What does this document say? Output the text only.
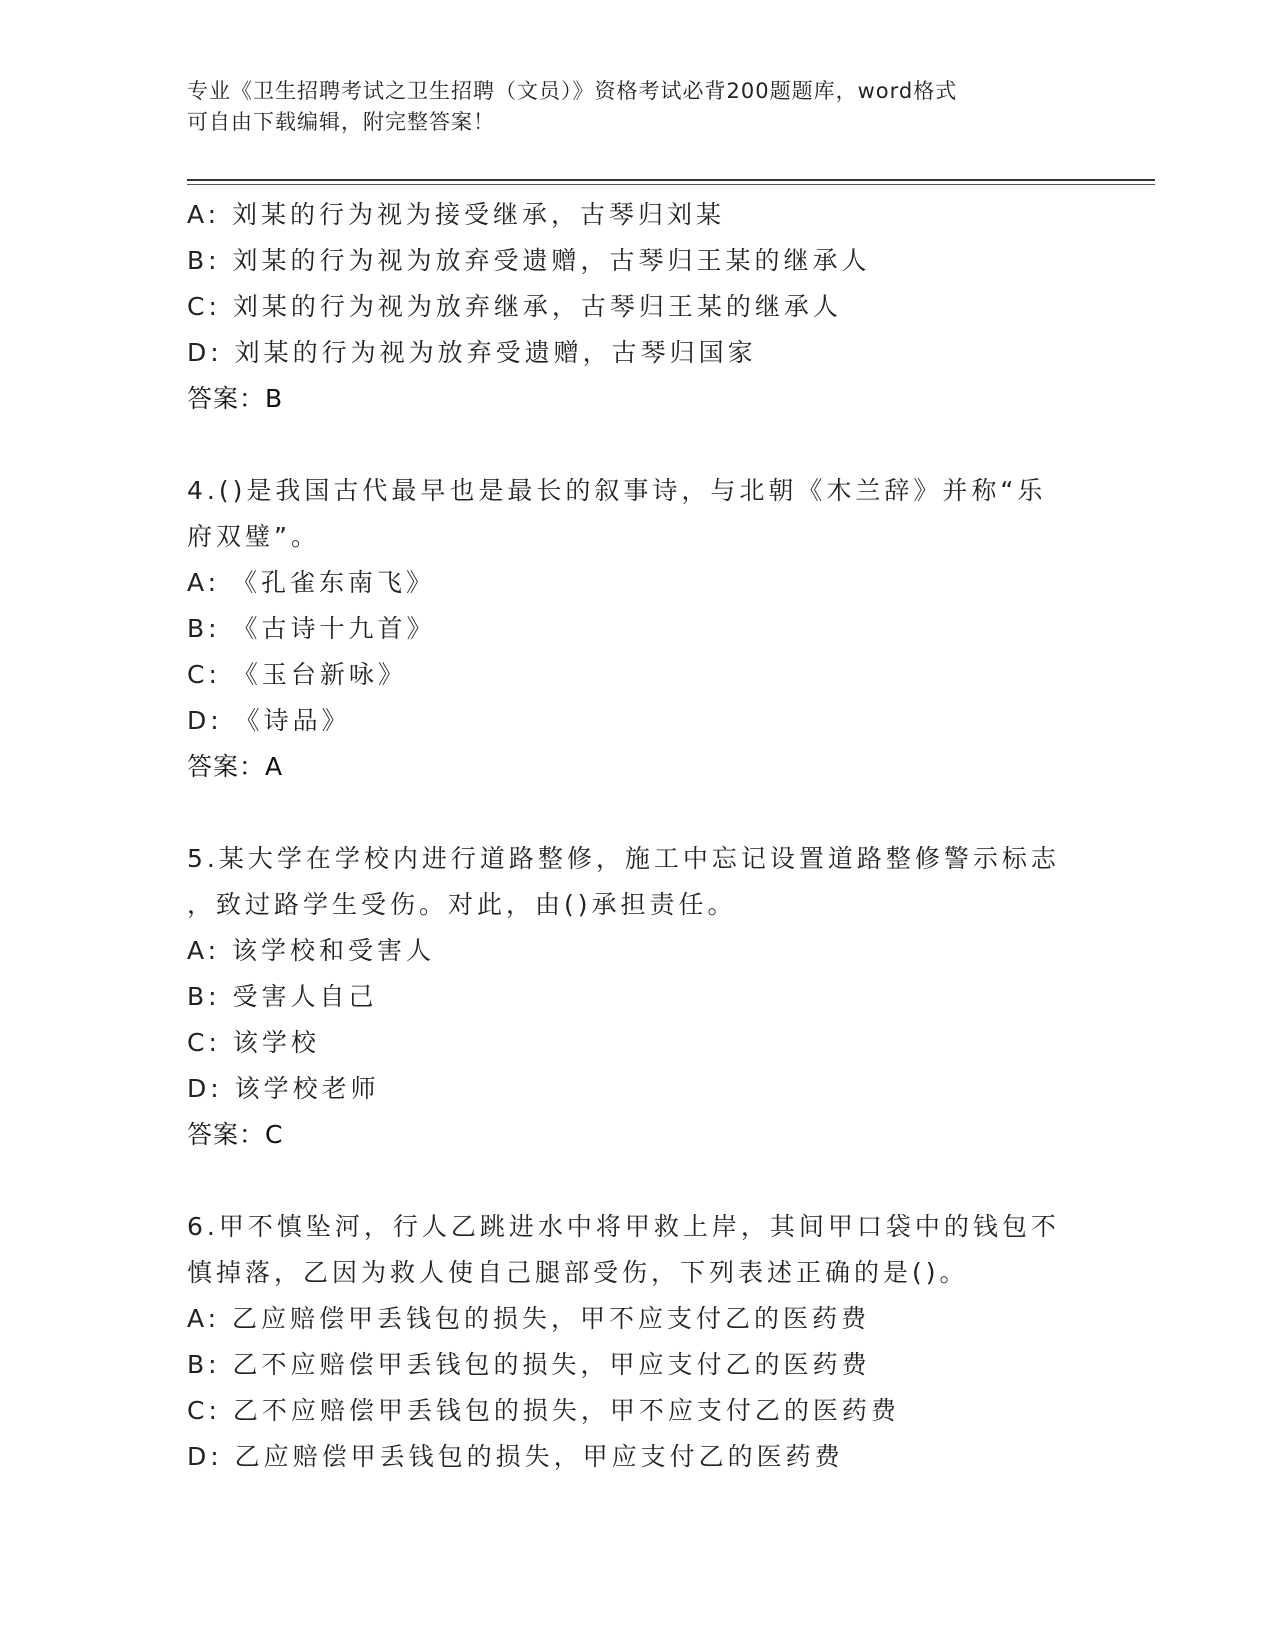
专业《卫生招聘考试之卫生招聘（文员）》资格考试必背200题题库，word格式
可自由下载编辑，附完整答案！
A: 刘某的行为视为接受继承，古琴归刘某
B: 刘某的行为视为放弃受遗赠，古琴归王某的继承人
C: 刘某的行为视为放弃继承，古琴归王某的继承人
D: 刘某的行为视为放弃受遗赠，古琴归国家
答案：B
4.()是我国古代最早也是最长的叙事诗，与北朝《木兰辞》并称“乐
府双璧”。
A: 《孔雀东南飞》
B: 《古诗十九首》
C: 《玉台新咏》
D: 《诗品》
答案：A
5.某大学在学校内进行道路整修，施工中忘记设置道路整修警示标志
，致过路学生受伤。对此，由()承担责任。
A: 该学校和受害人
B: 受害人自己
C: 该学校
D: 该学校老师
答案：C
6.甲不慎坠河，行人乙跳进水中将甲救上岸，其间甲口袋中的钱包不
慎掉落，乙因为救人使自己腿部受伤，下列表述正确的是()。
A: 乙应赔偿甲丢钱包的损失，甲不应支付乙的医药费
B: 乙不应赔偿甲丢钱包的损失，甲应支付乙的医药费
C: 乙不应赔偿甲丢钱包的损失，甲不应支付乙的医药费
D: 乙应赔偿甲丢钱包的损失，甲应支付乙的医药费
